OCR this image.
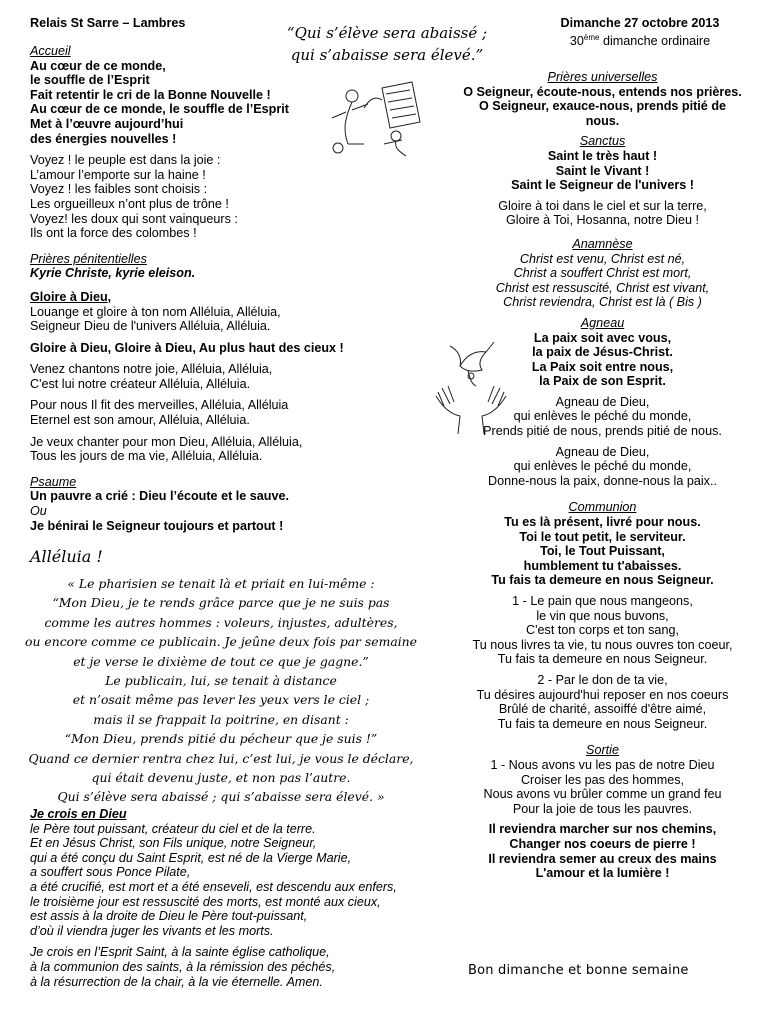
Relais St Sarre – Lambres
“Qui s’élève sera abaissé ;
qui s’abaisse sera élevé.”
Dimanche 27 octobre 2013
30ème dimanche ordinaire
Accueil
Au cœur de ce monde,
le souffle de l’Esprit
Fait retentir le cri de la Bonne Nouvelle !
Au cœur de ce monde, le souffle de l’Esprit
Met à l’œuvre aujourd’hui
des énergies nouvelles !
Voyez ! le peuple est dans la joie :
L’amour l’emporte sur la haine !
Voyez ! les faibles sont choisis :
Les orgueilleux n’ont plus de trône !
Voyez! les doux qui sont vainqueurs :
Ils ont la force des colombes !
Prières pénitentielles
Kyrie Christe, kyrie eleison.
Gloire à Dieu,
Louange et gloire à ton nom Alléluia, Alléluia,
Seigneur Dieu de l'univers Alléluia, Alléluia.
Gloire à Dieu, Gloire à Dieu, Au plus haut des cieux !
Venez chantons notre joie, Alléluia, Alléluia,
C'est lui notre créateur Alléluia, Alléluia.
Pour nous Il fit des merveilles, Alléluia, Alléluia
Eternel est son amour, Alléluia, Alléluia.
Je veux chanter pour mon Dieu, Alléluia, Alléluia,
Tous les jours de ma vie, Alléluia, Alléluia.
Psaume
Un pauvre a crié : Dieu l’écoute et le sauve.
Ou
Je bénirai le Seigneur toujours et partout !
Alléluia !
« Le pharisien se tenait là et priait en lui-même :
“Mon Dieu, je te rends grâce parce que je ne suis pas
comme les autres hommes : voleurs, injustes, adultères,
ou encore comme ce publicain. Je jeûne deux fois par semaine
et je verse le dixième de tout ce que je gagne.”
Le publicain, lui, se tenait à distance
et n’osait même pas lever les yeux vers le ciel ;
mais il se frappait la poitrine, en disant :
“Mon Dieu, prends pitié du pécheur que je suis !”
Quand ce dernier rentra chez lui, c’est lui, je vous le déclare,
qui était devenu juste, et non pas l’autre.
Qui s’élève sera abaissé ; qui s’abaisse sera élevé. »
Je crois en Dieu
le Père tout puissant, créateur du ciel et de la terre.
Et en Jésus Christ, son Fils unique, notre Seigneur,
qui a été conçu du Saint Esprit, est né de la Vierge Marie,
a souffert sous Ponce Pilate,
a été crucifié, est mort et a été enseveli, est descendu aux enfers,
le troisième jour est ressuscité des morts, est monté aux cieux,
est assis à la droite de Dieu le Père tout-puissant,
d’où il viendra juger les vivants et les morts.
Je crois en l’Esprit Saint, à la sainte église catholique,
à la communion des saints, à la rémission des péchés,
à la résurrection de la chair, à la vie éternelle. Amen.
Prières universelles
O Seigneur, écoute-nous, entends nos prières.
O Seigneur, exauce-nous, prends pitié de
nous.
Sanctus
Saint le très haut !
Saint le Vivant !
Saint le Seigneur de l'univers !
Gloire à toi dans le ciel et sur la terre,
Gloire à Toi, Hosanna, notre Dieu !
Anamnèse
Christ est venu, Christ est né,
Christ a souffert Christ est mort,
Christ est ressuscité, Christ est vivant,
Christ reviendra, Christ est là ( Bis )
Agneau
La paix soit avec vous,
la paix de Jésus-Christ.
La Paix soit entre nous,
la Paix de son Esprit.
Agneau de Dieu,
qui enlèves le péché du monde,
Prends pitié de nous, prends pitié de nous.
Agneau de Dieu,
qui enlèves le péché du monde,
Donne-nous la paix, donne-nous la paix..
Communion
Tu es là présent, livré pour nous.
Toi le tout petit, le serviteur.
Toi, le Tout Puissant,
humblement tu t'abaisses.
Tu fais ta demeure en nous Seigneur.
1 - Le pain que nous mangeons,
le vin que nous buvons,
C'est ton corps et ton sang,
Tu nous livres ta vie, tu nous ouvres ton coeur,
Tu fais ta demeure en nous Seigneur.
2 - Par le don de ta vie,
Tu désires aujourd'hui reposer en nos coeurs
Brûlé de charité, assoiffé d'être aimé,
Tu fais ta demeure en nous Seigneur.
Sortie
1 - Nous avons vu les pas de notre Dieu
Croiser les pas des hommes,
Nous avons vu brûler comme un grand feu
Pour la joie de tous les pauvres.
Il reviendra marcher sur nos chemins,
Changer nos coeurs de pierre !
Il reviendra semer au creux des mains
L'amour et la lumière !
Bon dimanche et bonne semaine
